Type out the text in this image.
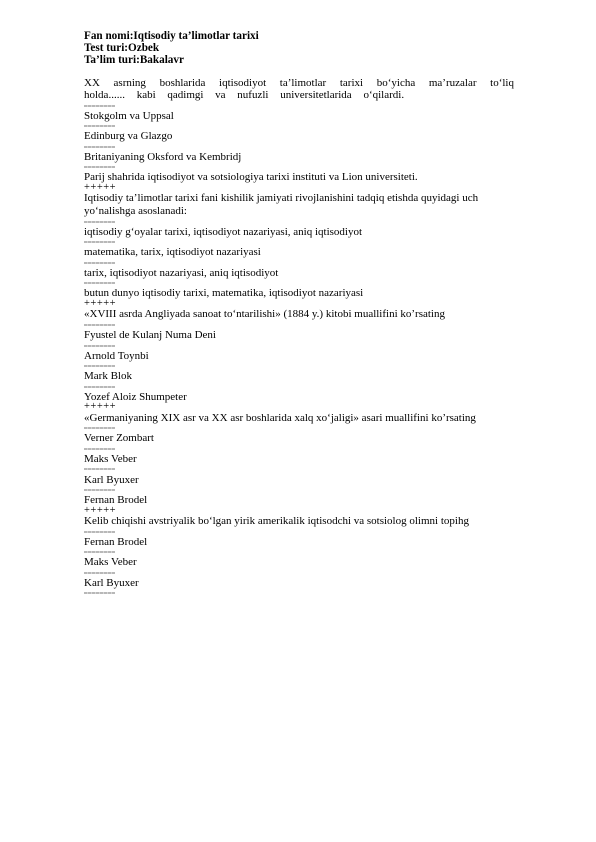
Fan nomi:Iqtisodiy ta’limotlar tarixi
Test turi:Ozbek
Ta’lim turi:Bakalavr

XX asrning boshlarida iqtisodiyot ta’limotlar tarixi bo‘yicha ma’ruzalar to‘liq holda...... kabi qadimgi va nufuzli universitetlarida o‘qilardi.

Stokgolm va Uppsal

Edinburg va Glazgo

Britaniyaning Oksford va Kembridj

Parij shahrida iqtisodiyot va sotsiologiya tarixi instituti va Lion universiteti.

+++++

Iqtisodiy ta’limotlar tarixi fani kishilik jamiyati rivojlanishini tadqiq etishda quyidagi uch yo‘nalishga asoslanadi:

iqtisodiy g‘oyalar tarixi, iqtisodiyot nazariyasi, aniq iqtisodiyot

matematika, tarix, iqtisodiyot nazariyasi

tarix, iqtisodiyot nazariyasi, aniq iqtisodiyot

butun dunyo iqtisodiy tarixi, matematika, iqtisodiyot nazariyasi

+++++

«XVIII asrda Angliyada sanoat to‘ntarilishi» (1884 y.) kitobi muallifini ko’rsating

Fyustel de Kulanj Numa Deni

Arnold Toynbi

Mark Blok

Yozef Aloiz Shumpeter

+++++

«Germaniyaning XIX asr va XX asr boshlarida xalq xo‘jaligi» asari muallifini ko’rsating

Verner Zombart

Maks Veber

Karl Byuxer

Fernan Brodel

+++++

Kelib chiqishi avstriyalik bo‘lgan yirik amerikalik iqtisodchi va sotsiolog olimni topihg

Fernan Brodel

Maks Veber

Karl Byuxer
